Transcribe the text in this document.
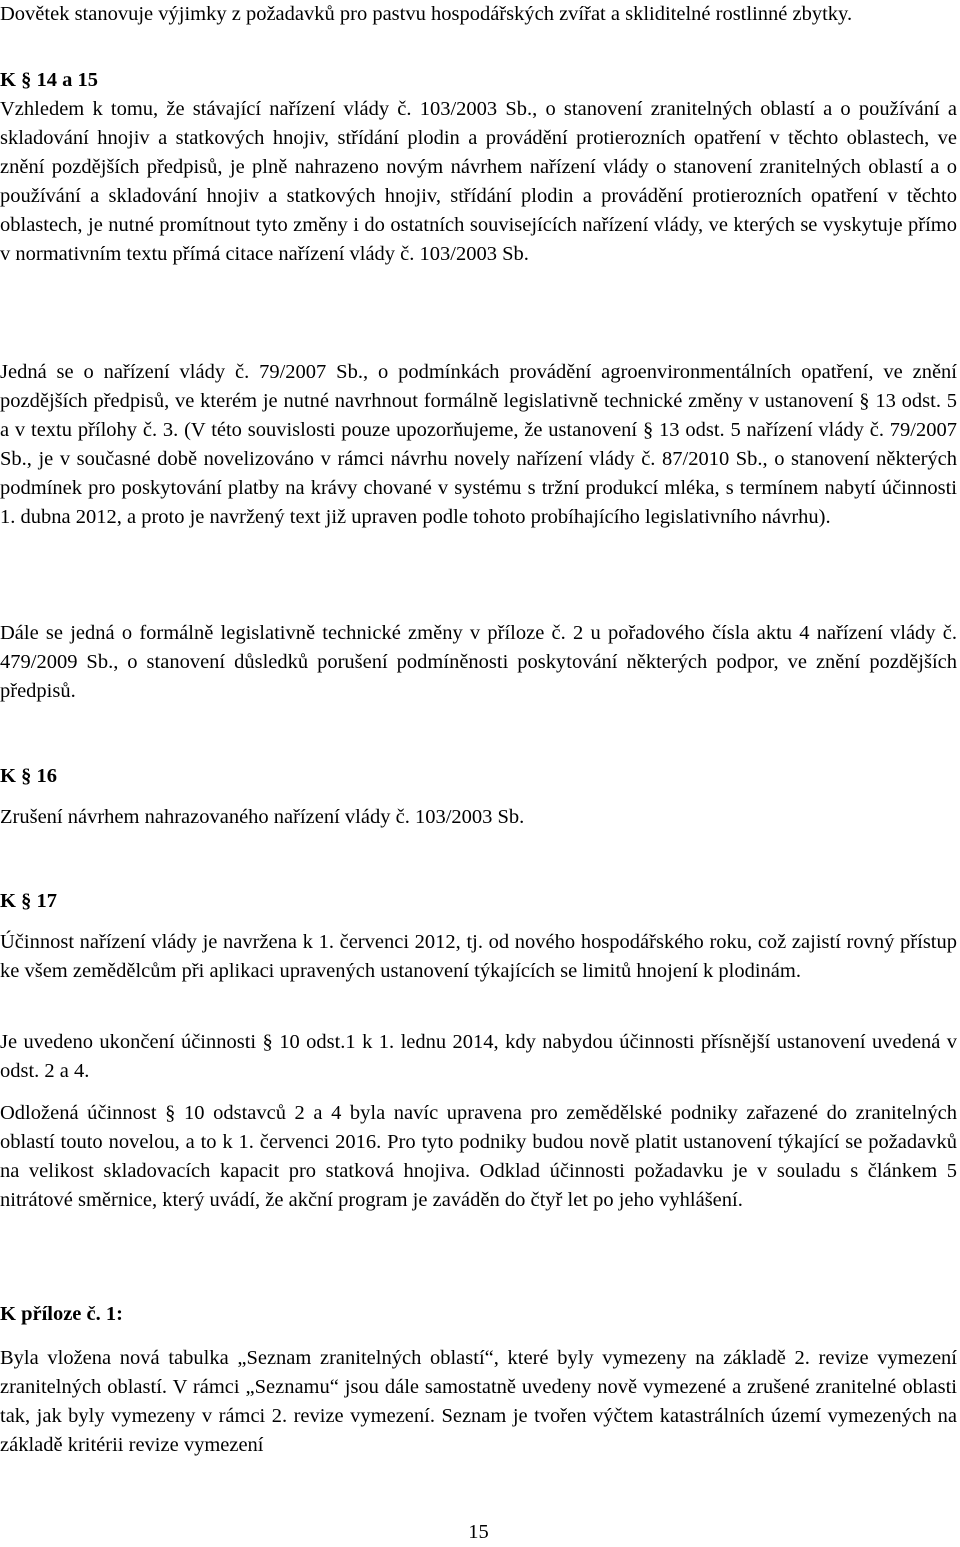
Dovětek stanovuje výjimky z požadavků pro pastvu hospodářských zvířat a skliditelné rostlinné zbytky.

K § 14 a 15

Vzhledem k tomu, že stávající nařízení vlády č. 103/2003 Sb., o stanovení zranitelných oblastí a o používání a skladování hnojiv a statkových hnojiv, střídání plodin a provádění protierozních opatření v těchto oblastech, ve znění pozdějších předpisů, je plně nahrazeno novým návrhem nařízení vlády o stanovení zranitelných oblastí a o používání a skladování hnojiv a statkových hnojiv, střídání plodin a provádění protierozních opatření v těchto oblastech, je nutné promítnout tyto změny i do ostatních souvisejících nařízení vlády, ve kterých se vyskytuje přímo v normativním textu přímá citace nařízení vlády č. 103/2003 Sb.

Jedná se o nařízení vlády č. 79/2007 Sb., o podmínkách provádění agroenvironmentálních opatření, ve znění pozdějších předpisů, ve kterém je nutné navrhnout formálně legislativně technické změny v ustanovení § 13 odst. 5 a v textu přílohy č. 3. (V této souvislosti pouze upozorňujeme, že ustanovení § 13 odst. 5 nařízení vlády č. 79/2007 Sb., je v současné době novelizováno v rámci návrhu novely nařízení vlády č. 87/2010 Sb., o stanovení některých podmínek pro poskytování platby na krávy chované v systému s tržní produkcí mléka, s termínem nabytí účinnosti 1. dubna 2012, a proto je navržený text již upraven podle tohoto probíhajícího legislativního návrhu).

Dále se jedná o formálně legislativně technické změny v příloze č. 2 u pořadového čísla aktu 4 nařízení vlády č. 479/2009 Sb., o stanovení důsledků porušení podmíněnosti poskytování některých podpor, ve znění pozdějších předpisů.

K § 16

Zrušení návrhem nahrazovaného nařízení vlády č. 103/2003 Sb.

K § 17

Účinnost nařízení vlády je navržena k 1. červenci 2012, tj. od nového hospodářského roku, což zajistí rovný přístup ke všem zemědělcům při aplikaci upravených ustanovení týkajících se limitů hnojení k plodinám.

Je uvedeno ukončení účinnosti § 10 odst.1 k 1. lednu 2014, kdy nabydou účinnosti přísnější ustanovení uvedená v odst. 2 a 4.

Odložená účinnost § 10 odstavců 2 a 4 byla navíc upravena pro zemědělské podniky zařazené do zranitelných oblastí touto novelou, a to k 1. červenci 2016. Pro tyto podniky budou nově platit ustanovení týkající se požadavků na velikost skladovacích kapacit pro statková hnojiva. Odklad účinnosti požadavku je v souladu s článkem 5 nitrátové směrnice, který uvádí, že akční program je zaváděn do čtyř let po jeho vyhlášení.

K příloze č. 1:

Byla vložena nová tabulka „Seznam zranitelných oblastí“, které byly vymezeny na základě 2. revize vymezení zranitelných oblastí. V rámci „Seznamu“ jsou dále samostatně uvedeny nově vymezené a zrušené zranitelné oblasti tak, jak byly vymezeny v rámci 2. revize vymezení. Seznam je tvořen výčtem katastrálních území vymezených na základě kritérii revize vymezení

15
